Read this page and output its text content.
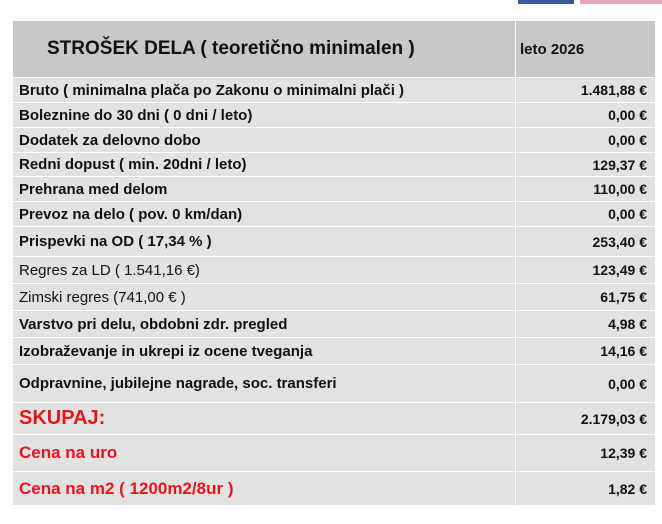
STROŠEK DELA ( teoretično minimalen )	leto 2026
Bruto ( minimalna plača po Zakonu o minimalni plači )	1.481,88 €
Boleznine do 30 dni ( 0 dni / leto)	0,00 €
Dodatek za delovno dobo	0,00 €
Redni dopust ( min. 20dni / leto)	129,37 €
Prehrana med delom	110,00 €
Prevoz na delo ( pov. 0 km/dan)	0,00 €
Prispevki na OD ( 17,34 % )	253,40 €
Regres za LD ( 1.541,16 €)	123,49 €
Zimski regres (741,00 € )	61,75 €
Varstvo pri delu, obdobni zdr. pregled	4,98 €
Izobraževanje in ukrepi iz ocene tveganja	14,16 €
Odpravnine, jubilejne nagrade, soc. transferi	0,00 €
SKUPAJ:	2.179,03 €
Cena na uro	12,39 €
Cena na m2 ( 1200m2/8ur )	1,82 €
